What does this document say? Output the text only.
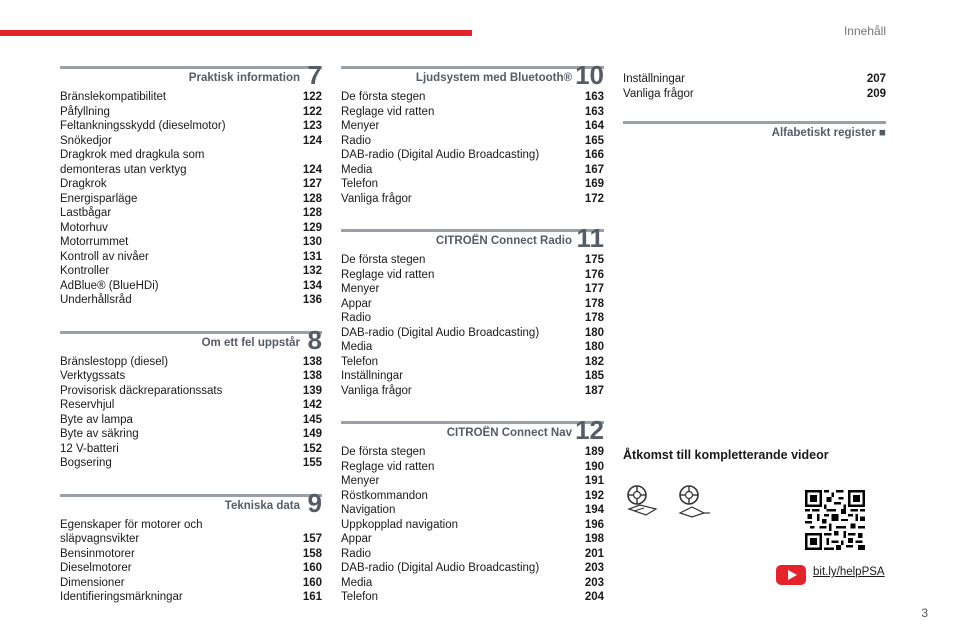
Innehåll
Praktisk information 7
Bränslekompatibilitet	122
Påfyllning	122
Feltankningsskydd (dieselmotor)	123
Snökedjor	124
Dragkrok med dragkula som
demonteras utan verktyg	124
Dragkrok	127
Energisparläge	128
Lastbågar	128
Motorhuv	129
Motorrummet	130
Kontroll av nivåer	131
Kontroller	132
AdBlue® (BlueHDi)	134
Underhållsråd	136
Om ett fel uppstår 8
Bränslestopp (diesel)	138
Verktygssats	138
Provisorisk däckreparationssats	139
Reservhjul	142
Byte av lampa	145
Byte av säkring	149
12 V-batteri	152
Bogsering	155
Tekniska data 9
Egenskaper för motorer och
släpvagnsvikter	157
Bensinmotorer	158
Dieselmotorer	160
Dimensioner	160
Identifieringsmärkningar	161
Ljudsystem med Bluetooth® 10
De första stegen	163
Reglage vid ratten	163
Menyer	164
Radio	165
DAB-radio (Digital Audio Broadcasting)	166
Media	167
Telefon	169
Vanliga frågor	172
CITROËN Connect Radio 11
De första stegen	175
Reglage vid ratten	176
Menyer	177
Appar	178
Radio	178
DAB-radio (Digital Audio Broadcasting)	180
Media	180
Telefon	182
Inställningar	185
Vanliga frågor	187
CITROËN Connect Nav 12
De första stegen	189
Reglage vid ratten	190
Menyer	191
Röstkommandon	192
Navigation	194
Uppkopplad navigation	196
Appar	198
Radio	201
DAB-radio (Digital Audio Broadcasting)	203
Media	203
Telefon	204
Inställningar	207
Vanliga frågor	209
Alfabetiskt register ■
Åtkomst till kompletterande videor
bit.ly/helpPSA
3
